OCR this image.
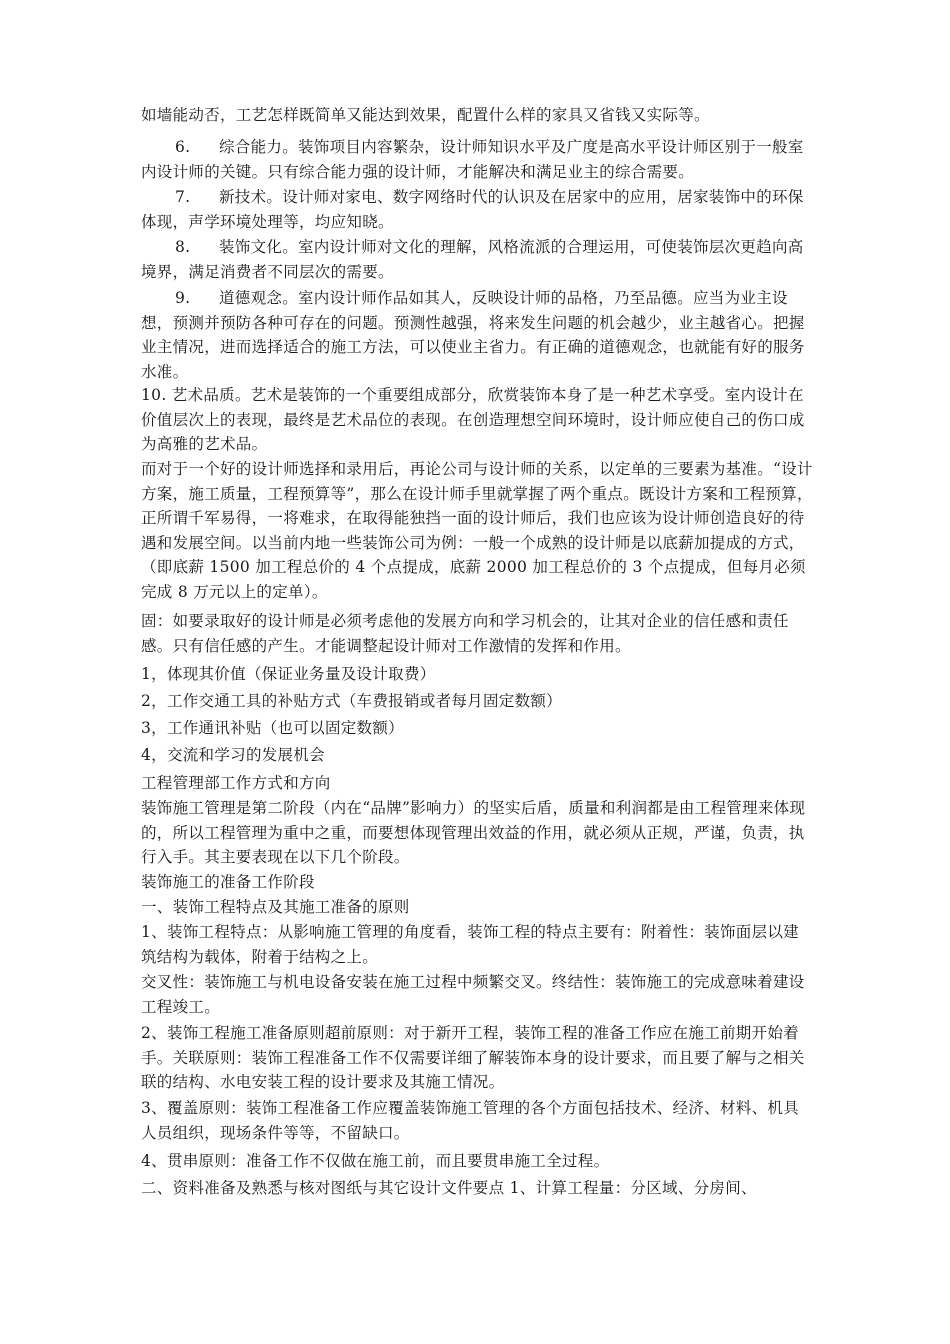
如墙能动否，工艺怎样既简单又能达到效果，配置什么样的家具又省钱又实际等。

6. 综合能力。装饰项目内容繁杂，设计师知识水平及广度是高水平设计师区别于一般室内设计师的关键。只有综合能力强的设计师，才能解决和满足业主的综合需要。

7. 新技术。设计师对家电、数字网络时代的认识及在居家中的应用，居家装饰中的环保体现，声学环境处理等，均应知晓。

8. 装饰文化。室内设计师对文化的理解，风格流派的合理运用，可使装饰层次更趋向高境界，满足消费者不同层次的需要。

9. 道德观念。室内设计师作品如其人，反映设计师的品格，乃至品德。应当为业主设想，预测并预防各种可存在的问题。预测性越强，将来发生问题的机会越少，业主越省心。把握业主情况，进而选择适合的施工方法，可以使业主省力。有正确的道德观念，也就能有好的服务水准。

10. 艺术品质。艺术是装饰的一个重要组成部分，欣赏装饰本身了是一种艺术享受。室内设计在价值层次上的表现，最终是艺术品位的表现。在创造理想空间环境时，设计师应使自己的伤口成为高雅的艺术品。

而对于一个好的设计师选择和录用后，再论公司与设计师的关系，以定单的三要素为基准。“设计方案，施工质量，工程预算等”，那么在设计师手里就掌握了两个重点。既设计方案和工程预算，正所谓千军易得，一将难求，在取得能独挡一面的设计师后，我们也应该为设计师创造良好的待遇和发展空间。以当前内地一些装饰公司为例：一般一个成熟的设计师是以底薪加提成的方式，（即底薪 1500 加工程总价的 4 个点提成，底薪 2000 加工程总价的 3 个点提成，但每月必须完成 8 万元以上的定单）。

固：如要录取好的设计师是必须考虑他的发展方向和学习机会的，让其对企业的信任感和责任感。只有信任感的产生。才能调整起设计师对工作激情的发挥和作用。

1，体现其价值（保证业务量及设计取费）

2，工作交通工具的补贴方式（车费报销或者每月固定数额）

3，工作通讯补贴（也可以固定数额）

4，交流和学习的发展机会

工程管理部工作方式和方向

装饰施工管理是第二阶段（内在“品牌”影响力）的坚实后盾，质量和利润都是由工程管理来体现的，所以工程管理为重中之重，而要想体现管理出效益的作用，就必须从正规，严谨，负责，执行入手。其主要表现在以下几个阶段。

装饰施工的准备工作阶段

一、装饰工程特点及其施工准备的原则

1、装饰工程特点：从影响施工管理的角度看，装饰工程的特点主要有：附着性：装饰面层以建筑结构为载体，附着于结构之上。

交叉性：装饰施工与机电设备安装在施工过程中频繁交叉。终结性：装饰施工的完成意味着建设工程竣工。

2、装饰工程施工准备原则超前原则：对于新开工程，装饰工程的准备工作应在施工前期开始着手。关联原则：装饰工程准备工作不仅需要详细了解装饰本身的设计要求，而且要了解与之相关联的结构、水电安装工程的设计要求及其施工情况。

3、覆盖原则：装饰工程准备工作应覆盖装饰施工管理的各个方面包括技术、经济、材料、机具人员组织，现场条件等等，不留缺口。

4、贯串原则：准备工作不仅做在施工前，而且要贯串施工全过程。

二、资料准备及熟悉与核对图纸与其它设计文件要点 1、计算工程量：分区域、分房间、
